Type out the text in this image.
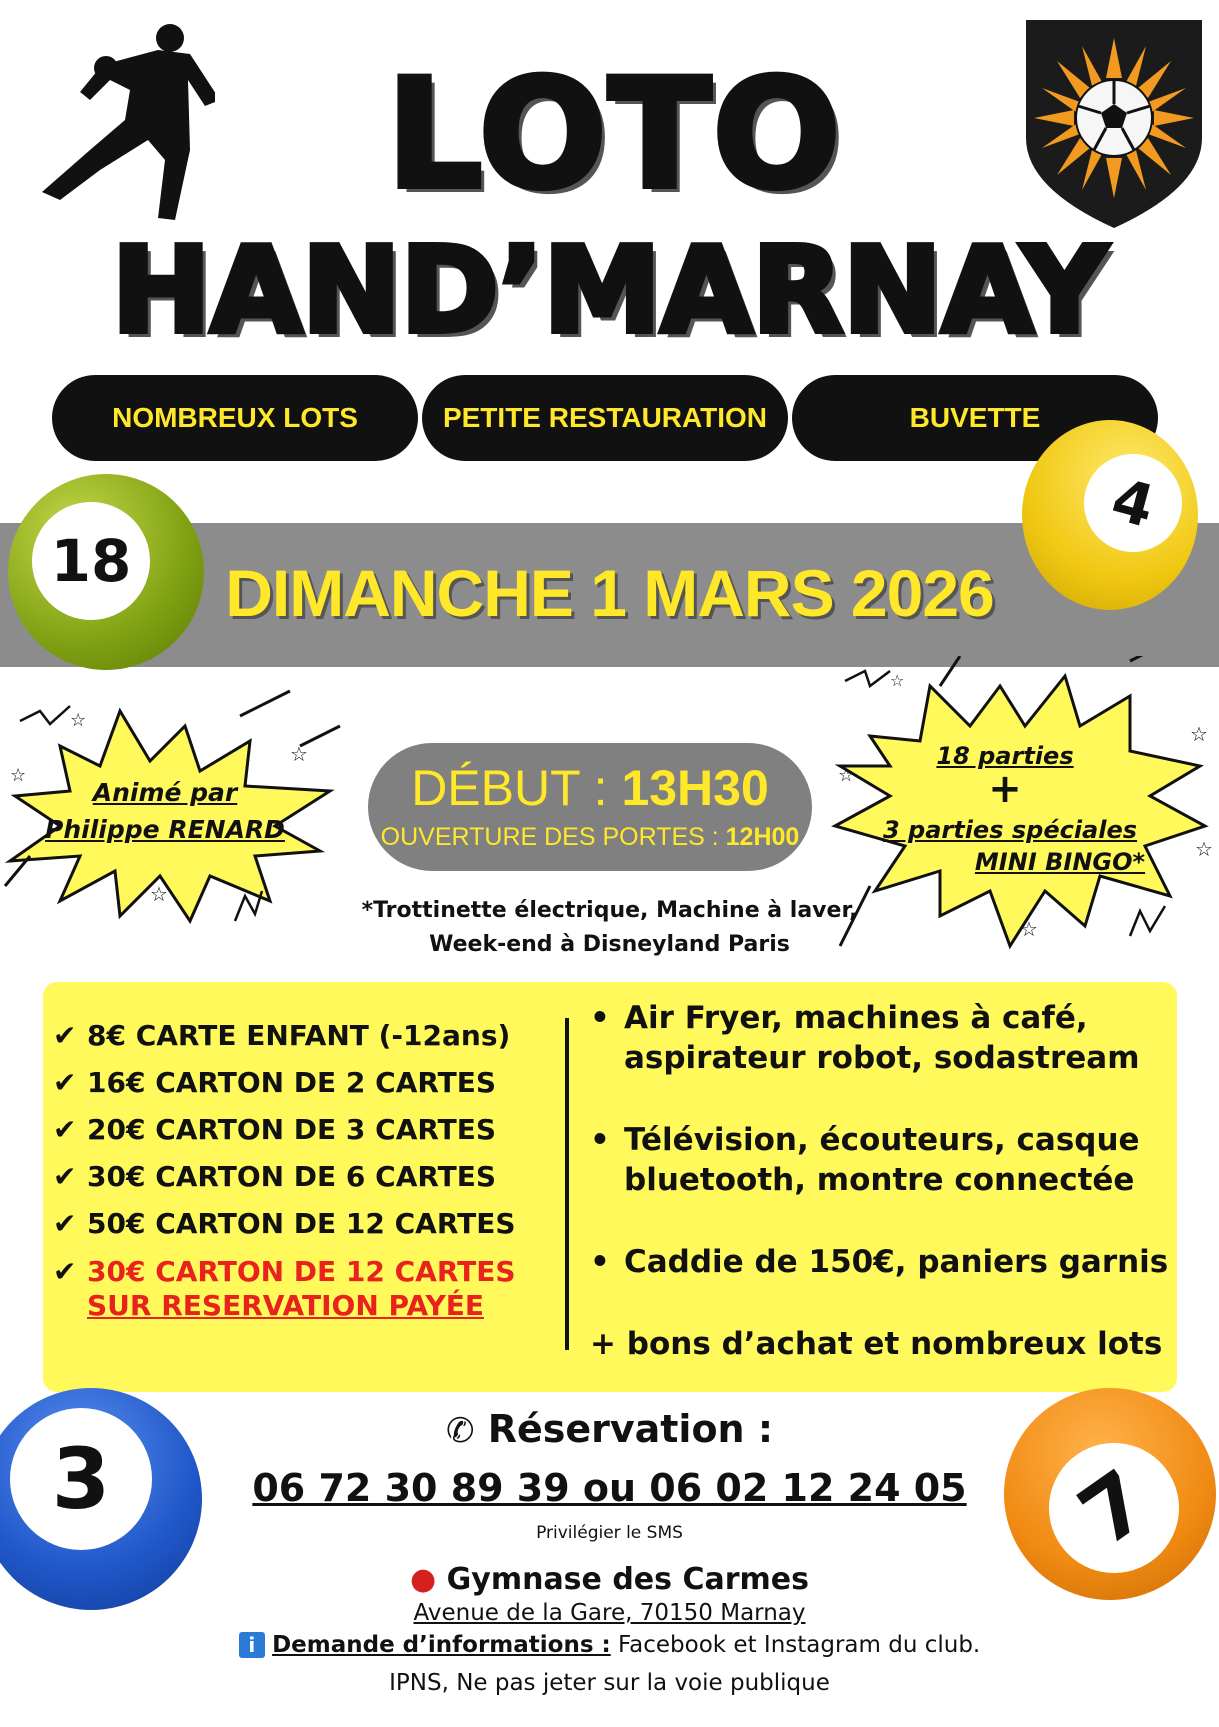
LOTO
HAND’MARNAY
NOMBREUX LOTS	PETITE RESTAURATION	BUVETTE
DIMANCHE 1 MARS 2026
18
4
☆
☆
☆
☆
Animé par
Philippe RENARD
☆
☆
☆
☆
☆
18 parties
+
3 parties spéciales
MINI BINGO*
DÉBUT : 13H30
OUVERTURE DES PORTES : 12H00
*Trottinette électrique, Machine à laver,
Week-end à Disneyland Paris
✔ 8€ CARTE ENFANT (-12ans)
✔ 16€ CARTON DE 2 CARTES
✔ 20€ CARTON DE 3 CARTES
✔ 30€ CARTON DE 6 CARTES
✔ 50€ CARTON DE 12 CARTES
✔ 30€ CARTON DE 12 CARTES
SUR RESERVATION PAYÉE
• Air Fryer, machines à café,
aspirateur robot, sodastream
• Télévision, écouteurs, casque
bluetooth, montre connectée
• Caddie de 150€, paniers garnis
+ bons d’achat et nombreux lots
3	7
✆ Réservation :
06 72 30 89 39 ou 06 02 12 24 05
Privilégier le SMS
● Gymnase des Carmes
Avenue de la Gare, 70150 Marnay
i Demande d’informations : Facebook et Instagram du club.
IPNS, Ne pas jeter sur la voie publique
